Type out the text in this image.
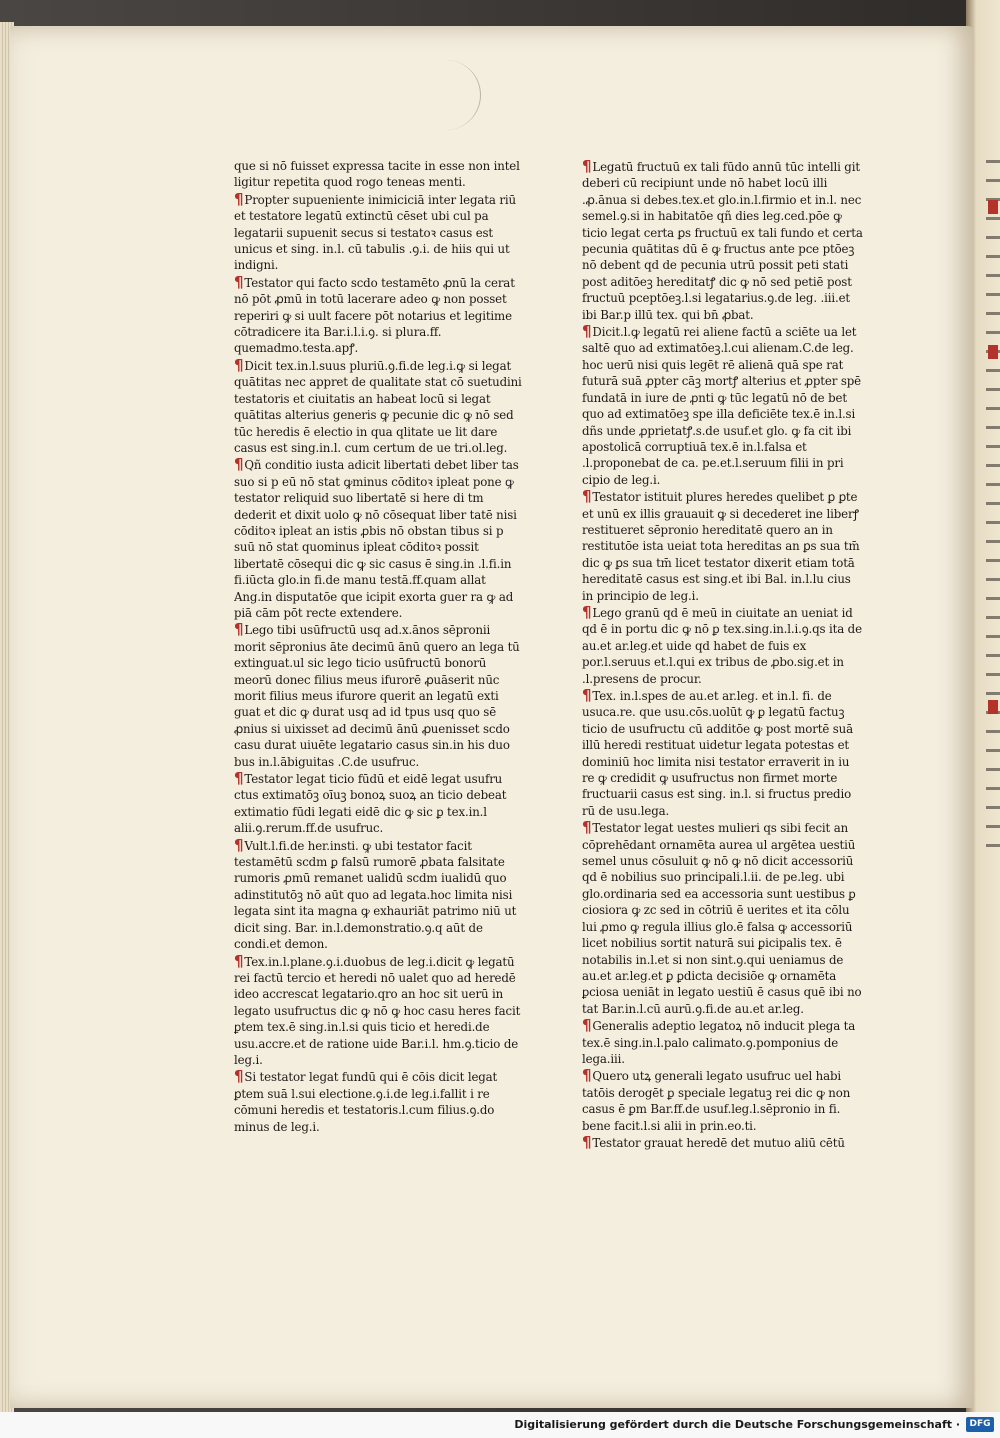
que si nō fuisset expressa tacite in esse non intel ligitur repetita quod rogo teneas menti.

¶Propter supueniente inimiciciā inter legata riū et testatore legatū extinctū cēset ubi cul pa legatarii supuenit secus si testatoꝛ casus est unicus et sing. in.l. cū tabulis .ꝯ.i. de hiis qui ut indigni.

¶Testator qui facto scdo testamēto ꝓnū la cerat nō pōt ꝓmū in totū lacerare adeo ꝙ non posset reperiri ꝙ si uult facere pōt notarius et legitime cōtradicere ita Bar.i.l.i.ꝯ. si plura.ff. quemadmo.testa.apꝭ.

¶Dicit tex.in.l.suus pluriū.ꝯ.fi.de leg.i.ꝙ si legat quātitas nec appret de qualitate stat cō suetudini testatoris et ciuitatis an habeat locū si legat quātitas alterius generis ꝙ pecunie dic ꝙ nō sed tūc heredis ē electio in qua qlitate ue lit dare casus est sing.in.l. cum certum de ue tri.ol.leg.

¶Qñ conditio iusta adicit libertati debet liber tas suo si p eū nō stat ꝙminus cōditoꝛ ipleat pone ꝙ testator reliquid suo libertatē si here di tm dederit et dixit uolo ꝙ nō cōsequat liber tatē nisi cōditoꝛ ipleat an istis ꝓbis nō obstan tibus si p suū nō stat quominus ipleat cōditoꝛ possit libertatē cōsequi dic ꝙ sic casus ē sing.in .l.fi.in fi.iūcta glo.in fi.de manu testā.ff.quam allat Ang.in disputatōe que icipit exorta guer ra ꝙ ad piā cām pōt recte extendere.

¶Lego tibi usūfructū usq ad.x.ānos sēpronii morit sēpronius āte decimū ānū quero an lega tū extinguat.ul sic lego ticio usūfructū bonorū meorū donec filius meus ifurorē ꝓuāserit nūc morit filius meus ifurore querit an legatū exti guat et dic ꝙ durat usq ad id tpus usq quo sē ꝓnius si uixisset ad decimū ānū ꝓuenisset scdo casu durat uiuēte legatario casus sin.in his duo bus in.l.ābiguitas .C.de usufruc.

¶Testator legat ticio fūdū et eidē legat usufru ctus extimatōꝫ oīuꝫ bonoꝝ suoꝝ an ticio debeat extimatio fūdi legati eidē dic ꝙ sic ꝑ tex.in.l alii.ꝯ.rerum.ff.de usufruc.

¶Vult.l.fi.de her.insti. ꝙ ubi testator facit testamētū scdm ꝑ falsū rumorē ꝓbata falsitate rumoris ꝓmū remanet ualidū scdm iualidū quo adinstitutōꝫ nō aūt quo ad legata.hoc limita nisi legata sint ita magna ꝙ exhauriāt patrimo niū ut dicit sing. Bar. in.l.demonstratio.ꝯ.q aūt de condi.et demon.

¶Tex.in.l.plane.ꝯ.i.duobus de leg.i.dicit ꝙ legatū rei factū tercio et heredi nō ualet quo ad heredē ideo accrescat legatario.qro an hoc sit uerū in legato usufructus dic ꝙ nō ꝙ hoc casu heres facit ꝑtem tex.ē sing.in.l.si quis ticio et heredi.de usu.accre.et de ratione uide Bar.i.l. hm.ꝯ.ticio de leg.i.

¶Si testator legat fundū qui ē cōis dicit legat ꝑtem suā l.sui electione.ꝯ.i.de leg.i.fallit i re cōmuni heredis et testatoris.l.cum filius.ꝯ.do minus de leg.i.

¶Legatū fructuū ex tali fūdo annū tūc intelli git deberi cū recipiunt unde nō habet locū illi .ꝓ.ānua si debes.tex.et glo.in.l.firmio et in.l. nec semel.ꝯ.si in habitatōe qñ dies leg.ced.pōe ꝙ ticio legat certa ꝑs fructuū ex tali fundo et certa pecunia quātitas dū ē ꝙ fructus ante pce ptōeꝫ nō debent qd de pecunia utrū possit peti stati post aditōeꝫ hereditatꝭ dic ꝙ nō sed petiē post fructuū pceptōeꝫ.l.si legatarius.ꝯ.de leg. .iii.et ibi Bar.p illū tex. qui bn̄ ꝓbat.

¶Dicit.l.ꝙ legatū rei aliene factū a sciēte ua let saltē quo ad extimatōeꝫ.l.cui alienam.C.de leg. hoc uerū nisi quis legēt rē alienā quā spe rat futurā suā ꝓpter cāꝫ mortꝭ alterius et ꝓpter spē fundatā in iure de ꝓnti ꝙ tūc legatū nō de bet quo ad extimatōeꝫ spe illa deficiēte tex.ē in.l.si dñs unde ꝓprietatꝭ.s.de usuf.et glo. ꝙ fa cit ibi apostolicā corruptiuā tex.ē in.l.falsa et .l.proponebat de ca. pe.et.l.seruum filii in pri cipio de leg.i.

¶Testator istituit plures heredes quelibet ꝑ ꝑte et unū ex illis grauauit ꝙ si decederet ine liberꝭ restitueret sēpronio hereditatē quero an in restitutōe ista ueiat tota hereditas an ꝑs sua tm̄ dic ꝙ ꝑs sua tm̄ licet testator dixerit etiam totā hereditatē casus est sing.et ibi Bal. in.l.lu cius in principio de leg.i.

¶Lego granū qd ē meū in ciuitate an ueniat id qd ē in portu dic ꝙ nō ꝑ tex.sing.in.l.i.ꝯ.qs ita de au.et ar.leg.et uide qd habet de fuis ex por.l.seruus et.l.qui ex tribus de ꝓbo.sig.et in .l.presens de procur.

¶Tex. in.l.spes de au.et ar.leg. et in.l. fi. de usuca.re. que usu.cōs.uolūt ꝙ ꝑ legatū factuꝫ ticio de usufructu cū additōe ꝙ post mortē suā illū heredi restituat uidetur legata potestas et dominiū hoc limita nisi testator erraverit in iu re ꝙ credidit ꝙ usufructus non firmet morte fructuarii casus est sing. in.l. si fructus predio rū de usu.lega.

¶Testator legat uestes mulieri qs sibi fecit an cōprehēdant ornamēta aurea ul argētea uestiū semel unus cōsuluit ꝙ nō ꝙ nō dicit accessoriū qd ē nobilius suo principali.l.ii. de pe.leg. ubi glo.ordinaria sed ea accessoria sunt uestibus ꝑ ciosiora ꝙ zc sed in cōtriū ē uerites et ita cōlu lui ꝓmo ꝙ regula illius glo.ē falsa ꝙ accessoriū licet nobilius sortit naturā sui ꝑicipalis tex. ē notabilis in.l.et si non sint.ꝯ.qui ueniamus de au.et ar.leg.et ꝑ ꝑdicta decisiōe ꝙ ornamēta ꝑciosa ueniāt in legato uestiū ē casus quē ibi no tat Bar.in.l.cū aurū.ꝯ.fi.de au.et ar.leg.

¶Generalis adeptio legatoꝝ nō inducit plega ta tex.ē sing.in.l.palo calimato.ꝯ.pomponius de lega.iii.

¶Quero utꝝ generali legato usufruc uel habi tatōis derogēt ꝑ speciale legatuꝫ rei dic ꝙ non casus ē ꝑm Bar.ff.de usuf.leg.l.sēpronio in fi. bene facit.l.si alii in prin.eo.ti.

¶Testator grauat heredē det mutuo aliū cētū

Digitalisierung gefördert durch die Deutsche Forschungsgemeinschaft ·	DFG
